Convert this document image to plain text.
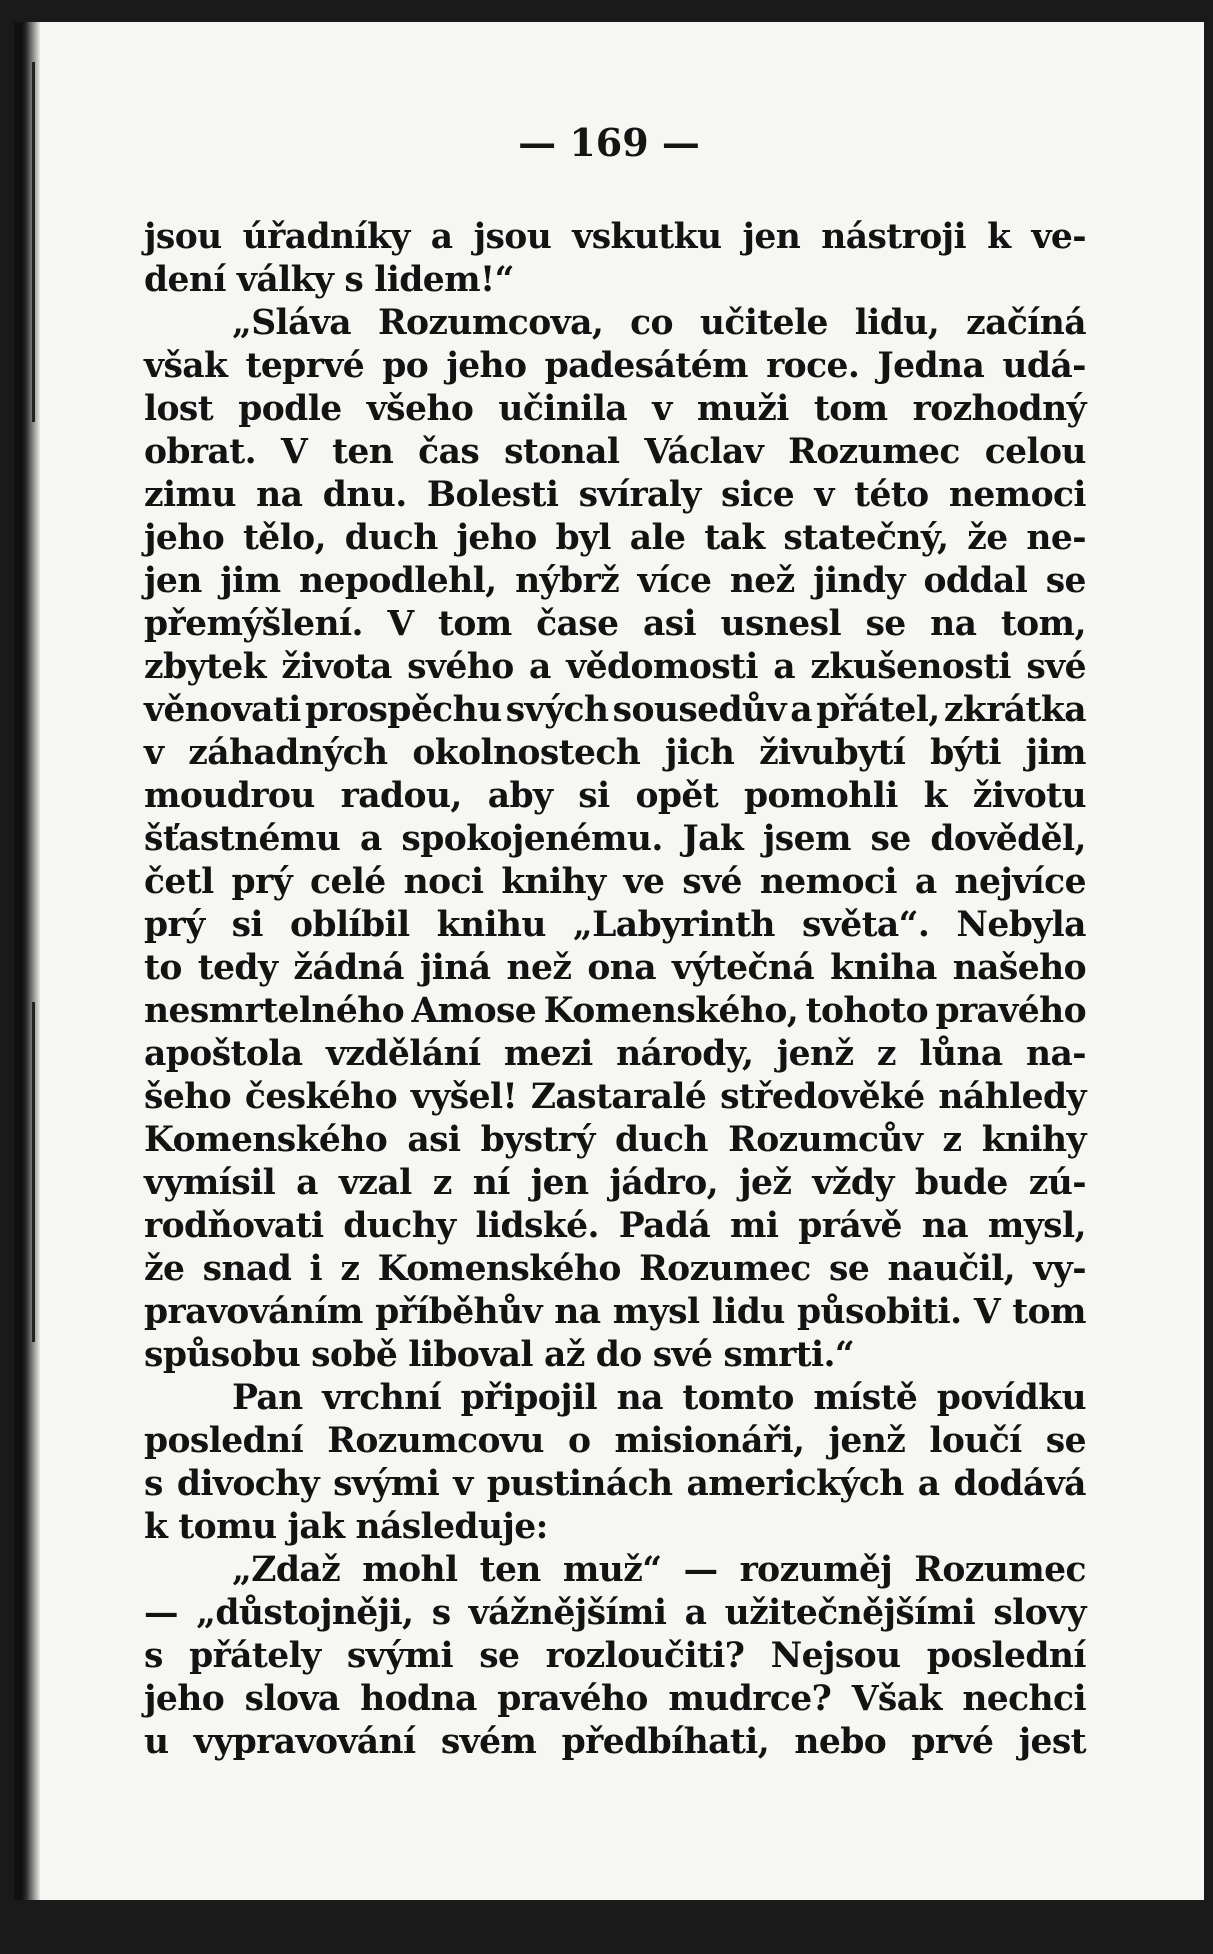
— 169 —
jsou úřadníky a jsou vskutku jen nástroji k ve-
dení války s lidem!“
„Sláva Rozumcova, co učitele lidu, začíná
však teprvé po jeho padesátém roce. Jedna udá-
lost podle všeho učinila v muži tom rozhodný
obrat. V ten čas stonal Václav Rozumec celou
zimu na dnu. Bolesti svíraly sice v této nemoci
jeho tělo, duch jeho byl ale tak statečný, že ne-
jen jim nepodlehl, nýbrž více než jindy oddal se
přemýšlení. V tom čase asi usnesl se na tom,
zbytek života svého a vědomosti a zkušenosti své
věnovati prospěchu svých sousedův a přátel, zkrátka
v záhadných okolnostech jich živubytí býti jim
moudrou radou, aby si opět pomohli k životu
šťastnému a spokojenému. Jak jsem se dověděl,
četl prý celé noci knihy ve své nemoci a nejvíce
prý si oblíbil knihu „Labyrinth světa“. Nebyla
to tedy žádná jiná než ona výtečná kniha našeho
nesmrtelného Amose Komenského, tohoto pravého
apoštola vzdělání mezi národy, jenž z lůna na-
šeho českého vyšel! Zastaralé středověké náhledy
Komenského asi bystrý duch Rozumcův z knihy
vymísil a vzal z ní jen jádro, jež vždy bude zú-
rodňovati duchy lidské. Padá mi právě na mysl,
že snad i z Komenského Rozumec se naučil, vy-
pravováním příběhův na mysl lidu působiti. V tom
spůsobu sobě liboval až do své smrti.“
Pan vrchní připojil na tomto místě povídku
poslední Rozumcovu o misionáři, jenž loučí se
s divochy svými v pustinách amerických a dodává
k tomu jak následuje:
„Zdaž mohl ten muž“ — rozuměj Rozumec
— „důstojněji, s vážnějšími a užitečnějšími slovy
s přátely svými se rozloučiti? Nejsou poslední
jeho slova hodna pravého mudrce? Však nechci
u vypravování svém předbíhati, nebo prvé jest
